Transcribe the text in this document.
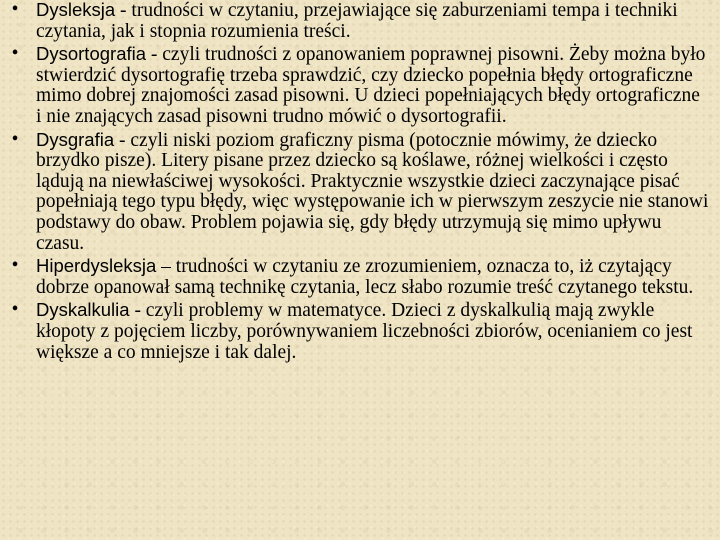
• Dysleksja - trudności w czytaniu, przejawiające się zaburzeniami tempa i techniki czytania, jak i stopnia rozumienia treści.
• Dysortografia - czyli trudności z opanowaniem poprawnej pisowni. Żeby można było stwierdzić dysortografię trzeba sprawdzić, czy dziecko popełnia błędy ortograficzne mimo dobrej znajomości zasad pisowni. U dzieci popełniających błędy ortograficzne i nie znających zasad pisowni trudno mówić o dysortografii.
• Dysgrafia - czyli niski poziom graficzny pisma (potocznie mówimy, że dziecko brzydko pisze). Litery pisane przez dziecko są koślawe, różnej wielkości i często lądują na niewłaściwej wysokości. Praktycznie wszystkie dzieci zaczynające pisać popełniają tego typu błędy, więc występowanie ich w pierwszym zeszycie nie stanowi podstawy do obaw. Problem pojawia się, gdy błędy utrzymują się mimo upływu czasu.
• Hiperdysleksja – trudności w czytaniu ze zrozumieniem, oznacza to, iż czytający dobrze opanował samą technikę czytania, lecz słabo rozumie treść czytanego tekstu.
• Dyskalkulia - czyli problemy w matematyce. Dzieci z dyskalkulią mają zwykle kłopoty z pojęciem liczby, porównywaniem liczebności zbiorów, ocenianiem co jest większe a co mniejsze i tak dalej.
